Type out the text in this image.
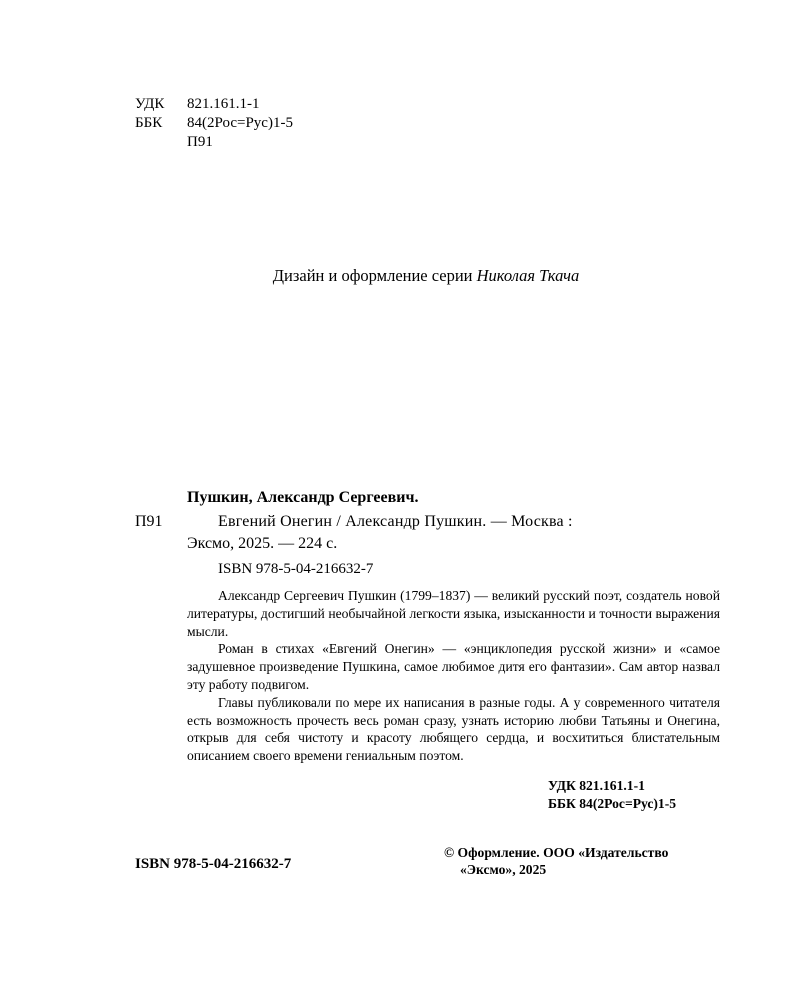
УДК 821.161.1-1
ББК 84(2Рос=Рус)1-5
П91
Дизайн и оформление серии Николая Ткача
Пушкин, Александр Сергеевич.
П91	Евгений Онегин / Александр Пушкин. — Москва :
Эксмо, 2025. — 224 с.
ISBN 978-5-04-216632-7

Александр Сергеевич Пушкин (1799–1837) — великий русский поэт, создатель новой литературы, достигший необычайной легкости языка, изысканности и точности выражения мысли.

Роман в стихах «Евгений Онегин» — «энциклопедия русской жизни» и «самое задушевное произведение Пушкина, самое любимое дитя его фантазии». Сам автор назвал эту работу подвигом.

Главы публиковали по мере их написания в разные годы. А у современного читателя есть возможность прочесть весь роман сразу, узнать историю любви Татьяны и Онегина, открыв для себя чистоту и красоту любящего сердца, и восхититься блистательным описанием своего времени гениальным поэтом.

УДК 821.161.1-1
ББК 84(2Рос=Рус)1-5
ISBN 978-5-04-216632-7
© Оформление. ООО «Издательство
«Эксмо», 2025
